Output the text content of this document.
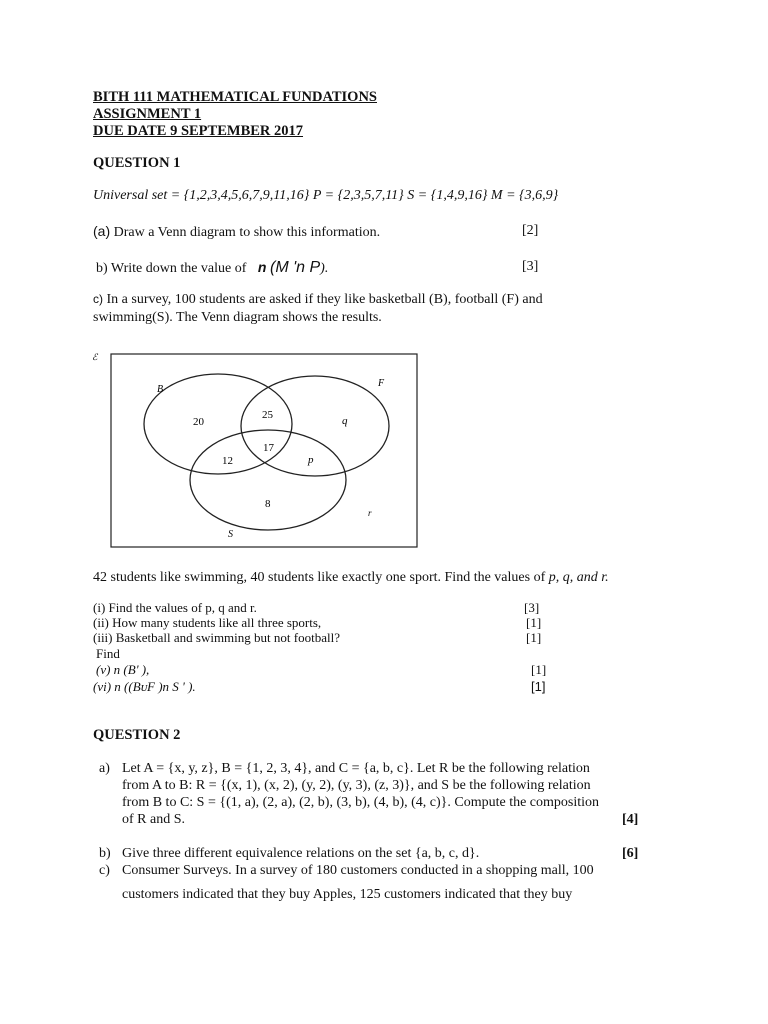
BITH 111 MATHEMATICAL FUNDATIONS
ASSIGNMENT 1
DUE DATE 9 SEPTEMBER 2017
QUESTION 1
Universal set = {1,2,3,4,5,6,7,9,11,16} P = {2,3,5,7,11} S = {1,4,9,16} M = {3,6,9}
(a) Draw a Venn diagram to show this information.	[2]
b) Write down the value of n (M 'n P).	[3]
c) In a survey, 100 students are asked if they like basketball (B), football (F) and
swimming(S). The Venn diagram shows the results.
ℰ
B
F
S
r
20
25	q
17
12	p
8
42 students like swimming, 40 students like exactly one sport. Find the values of p, q, and r.
(i) Find the values of p, q and r.	[3]
(ii) How many students like all three sports,	[1]
(iii) Basketball and swimming but not football?	[1]
Find
(v) n (B' ),	[1]
(vi) n ((BᴜF )n S ' ).	[1]
QUESTION 2
a) Let A = {x, y, z}, B = {1, 2, 3, 4}, and C = {a, b, c}. Let R be the following relation
from A to B: R = {(x, 1), (x, 2), (y, 2), (y, 3), (z, 3)}, and S be the following relation
from B to C: S = {(1, a), (2, a), (2, b), (3, b), (4, b), (4, c)}. Compute the composition
of R and S.	[4]
b) Give three different equivalence relations on the set {a, b, c, d}.	[6]
c) Consumer Surveys. In a survey of 180 customers conducted in a shopping mall, 100
customers indicated that they buy Apples, 125 customers indicated that they buy
